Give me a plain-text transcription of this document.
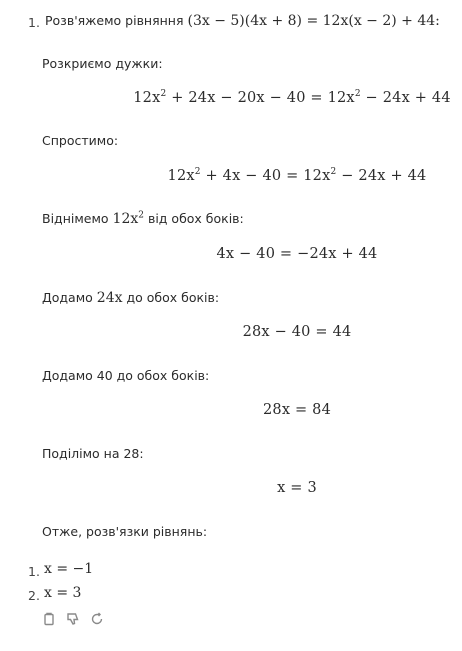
1. Розв'яжемо рівняння (3x − 5)(4x + 8) = 12x(x − 2) + 44:
Розкриємо дужки:
$12x^2 + 24x - 20x - 40 = 12x^2 - 24x + 44$
Спростимо:
$12x^2 + 4x - 40 = 12x^2 - 24x + 44$
Віднімемо $12x^2$ від обох боків:
4x − 40 = −24x + 44
Додамо 24x до обох боків:
28x − 40 = 44
Додамо 40 до обох боків:
28x = 84
Поділімо на 28:
x = 3
Отже, розв'язки рівнянь:
1. x = −1
2. x = 3
